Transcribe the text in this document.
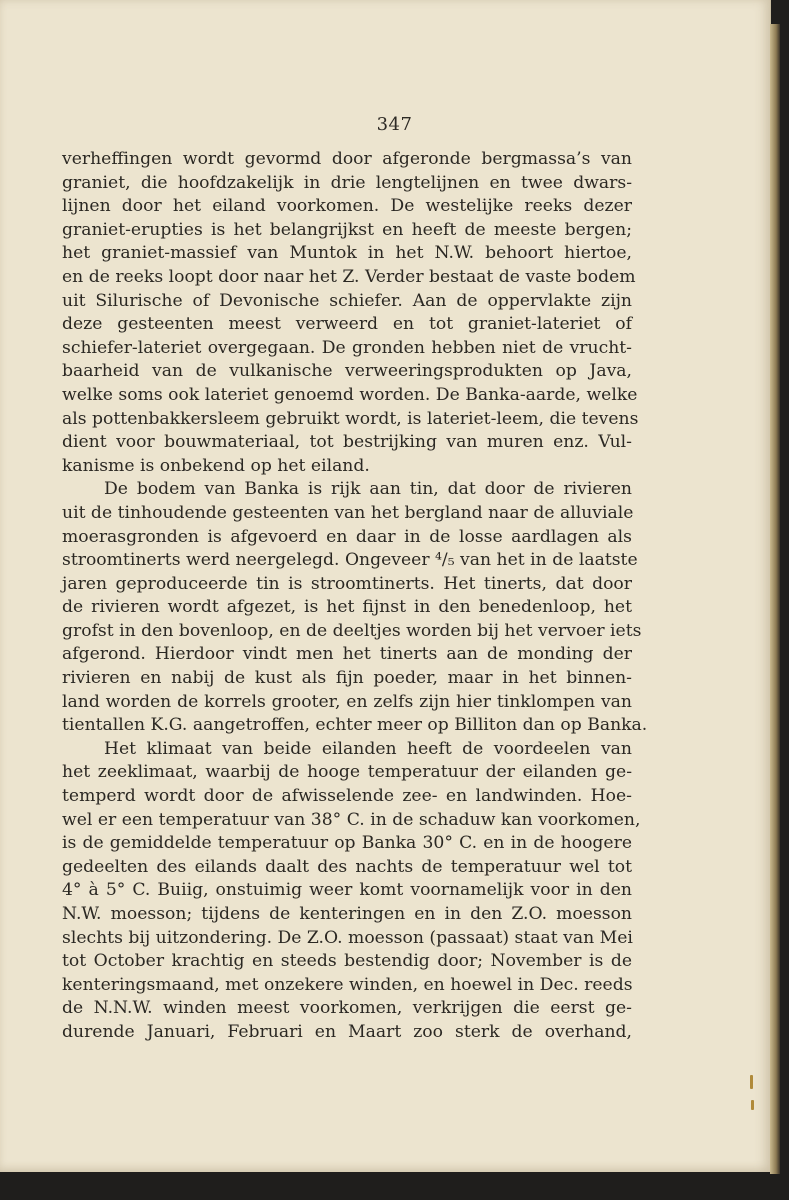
347
verheffingen wordt gevormd door afgeronde bergmassa’s van
graniet, die hoofdzakelijk in drie lengtelijnen en twee dwars-
lijnen door het eiland voorkomen. De westelijke reeks dezer
graniet-erupties is het belangrijkst en heeft de meeste bergen;
het graniet-massief van Muntok in het N.W. behoort hiertoe,
en de reeks loopt door naar het Z. Verder bestaat de vaste bodem
uit Silurische of Devonische schiefer. Aan de oppervlakte zijn
deze gesteenten meest verweerd en tot graniet-lateriet of
schiefer-lateriet overgegaan. De gronden hebben niet de vrucht-
baarheid van de vulkanische verweeringsprodukten op Java,
welke soms ook lateriet genoemd worden. De Banka-aarde, welke
als pottenbakkersleem gebruikt wordt, is lateriet-leem, die tevens
dient voor bouwmateriaal, tot bestrijking van muren enz. Vul-
kanisme is onbekend op het eiland.
De bodem van Banka is rijk aan tin, dat door de rivieren
uit de tinhoudende gesteenten van het bergland naar de alluviale
moerasgronden is afgevoerd en daar in de losse aardlagen als
stroomtinerts werd neergelegd. Ongeveer ⁴/₅ van het in de laatste
jaren geproduceerde tin is stroomtinerts. Het tinerts, dat door
de rivieren wordt afgezet, is het fijnst in den benedenloop, het
grofst in den bovenloop, en de deeltjes worden bij het vervoer iets
afgerond. Hierdoor vindt men het tinerts aan de monding der
rivieren en nabij de kust als fijn poeder, maar in het binnen-
land worden de korrels grooter, en zelfs zijn hier tinklompen van
tientallen K.G. aangetroffen, echter meer op Billiton dan op Banka.
Het klimaat van beide eilanden heeft de voordeelen van
het zeeklimaat, waarbij de hooge temperatuur der eilanden ge-
temperd wordt door de afwisselende zee- en landwinden. Hoe-
wel er een temperatuur van 38° C. in de schaduw kan voorkomen,
is de gemiddelde temperatuur op Banka 30° C. en in de hoogere
gedeelten des eilands daalt des nachts de temperatuur wel tot
4° à 5° C. Buiig, onstuimig weer komt voornamelijk voor in den
N.W. moesson; tijdens de kenteringen en in den Z.O. moesson
slechts bij uitzondering. De Z.O. moesson (passaat) staat van Mei
tot October krachtig en steeds bestendig door; November is de
kenteringsmaand, met onzekere winden, en hoewel in Dec. reeds
de N.N.W. winden meest voorkomen, verkrijgen die eerst ge-
durende Januari, Februari en Maart zoo sterk de overhand,
